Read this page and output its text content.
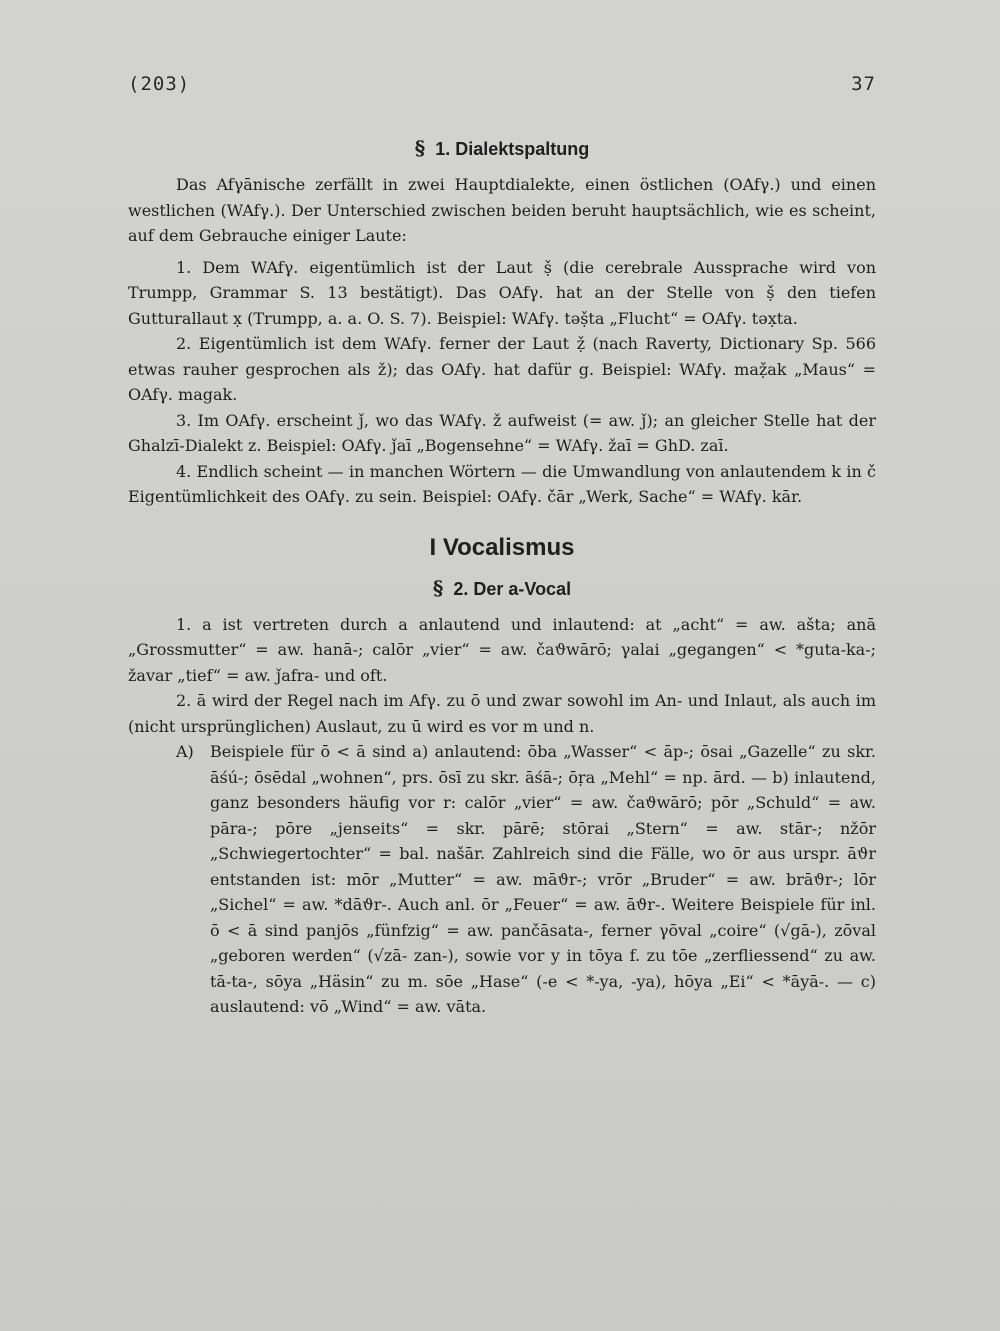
(203)	37
§ 1. Dialektspaltung

Das Afγānische zerfällt in zwei Hauptdialekte, einen östlichen (OAfγ.) und einen westlichen (WAfγ.). Der Unterschied zwischen beiden beruht hauptsächlich, wie es scheint, auf dem Gebrauche einiger Laute:

1. Dem WAfγ. eigentümlich ist der Laut ṣ̌ (die cerebrale Aussprache wird von Trumpp, Grammar S. 13 bestätigt). Das OAfγ. hat an der Stelle von ṣ̌ den tiefen Gutturallaut x̣ (Trumpp, a. a. O. S. 7). Beispiel: WAfγ. təṣ̌ta „Flucht“ = OAfγ. təx̣ta.

2. Eigentümlich ist dem WAfγ. ferner der Laut ẓ̌ (nach Raverty, Dictionary Sp. 566 etwas rauher gesprochen als ž); das OAfγ. hat dafür g. Beispiel: WAfγ. maẓ̌ak „Maus“ = OAfγ. magak.

3. Im OAfγ. erscheint ǰ, wo das WAfγ. ž aufweist (= aw. ǰ); an gleicher Stelle hat der Ghalzī-Dialekt z. Beispiel: OAfγ. ǰaī „Bogensehne“ = WAfγ. žaī = GhD. zaī.

4. Endlich scheint — in manchen Wörtern — die Umwandlung von anlautendem k in č Eigentümlichkeit des OAfγ. zu sein. Beispiel: OAfγ. čār „Werk, Sache“ = WAfγ. kār.

I Vocalismus
§ 2. Der a-Vocal

1. a ist vertreten durch a anlautend und inlautend: at „acht“ = aw. ašta; anā „Grossmutter“ = aw. hanā-; calōr „vier“ = aw. čaϑwārō; γalai „gegangen“ < *guta-ka-; žavar „tief“ = aw. ǰafra- und oft.

2. ā wird der Regel nach im Afγ. zu ō und zwar sowohl im An- und Inlaut, als auch im (nicht ursprünglichen) Auslaut, zu ū wird es vor m und n.

A) Beispiele für ō < ā sind a) anlautend: ōba „Wasser“ < āp-; ōsai „Gazelle“ zu skr. āśú-; ōsēdal „wohnen“, prs. ōsī zu skr. āśā-; ōṛa „Mehl“ = np. ārd. — b) inlautend, ganz besonders häufig vor r: calōr „vier“ = aw. čaϑwārō; pōr „Schuld“ = aw. pāra-; pōre „jenseits“ = skr. pārē; stōrai „Stern“ = aw. stār-; nžōr „Schwiegertochter“ = bal. našār. Zahlreich sind die Fälle, wo ōr aus urspr. āϑr entstanden ist: mōr „Mutter“ = aw. māϑr-; vrōr „Bruder“ = aw. brāϑr-; lōr „Sichel“ = aw. *dāϑr-. Auch anl. ōr „Feuer“ = aw. āϑr-. Weitere Beispiele für inl. ō < ā sind panjōs „fünfzig“ = aw. pančāsata-, ferner γōval „coire“ (√gā-), zōval „geboren werden“ (√zā- zan-), sowie vor y in tōya f. zu tōe „zerfliessend“ zu aw. tā-ta-, sōya „Häsin“ zu m. sōe „Hase“ (-e < *-ya, -ya), hōya „Ei“ < *āyā-. — c) auslautend: vō „Wind“ = aw. vāta.
